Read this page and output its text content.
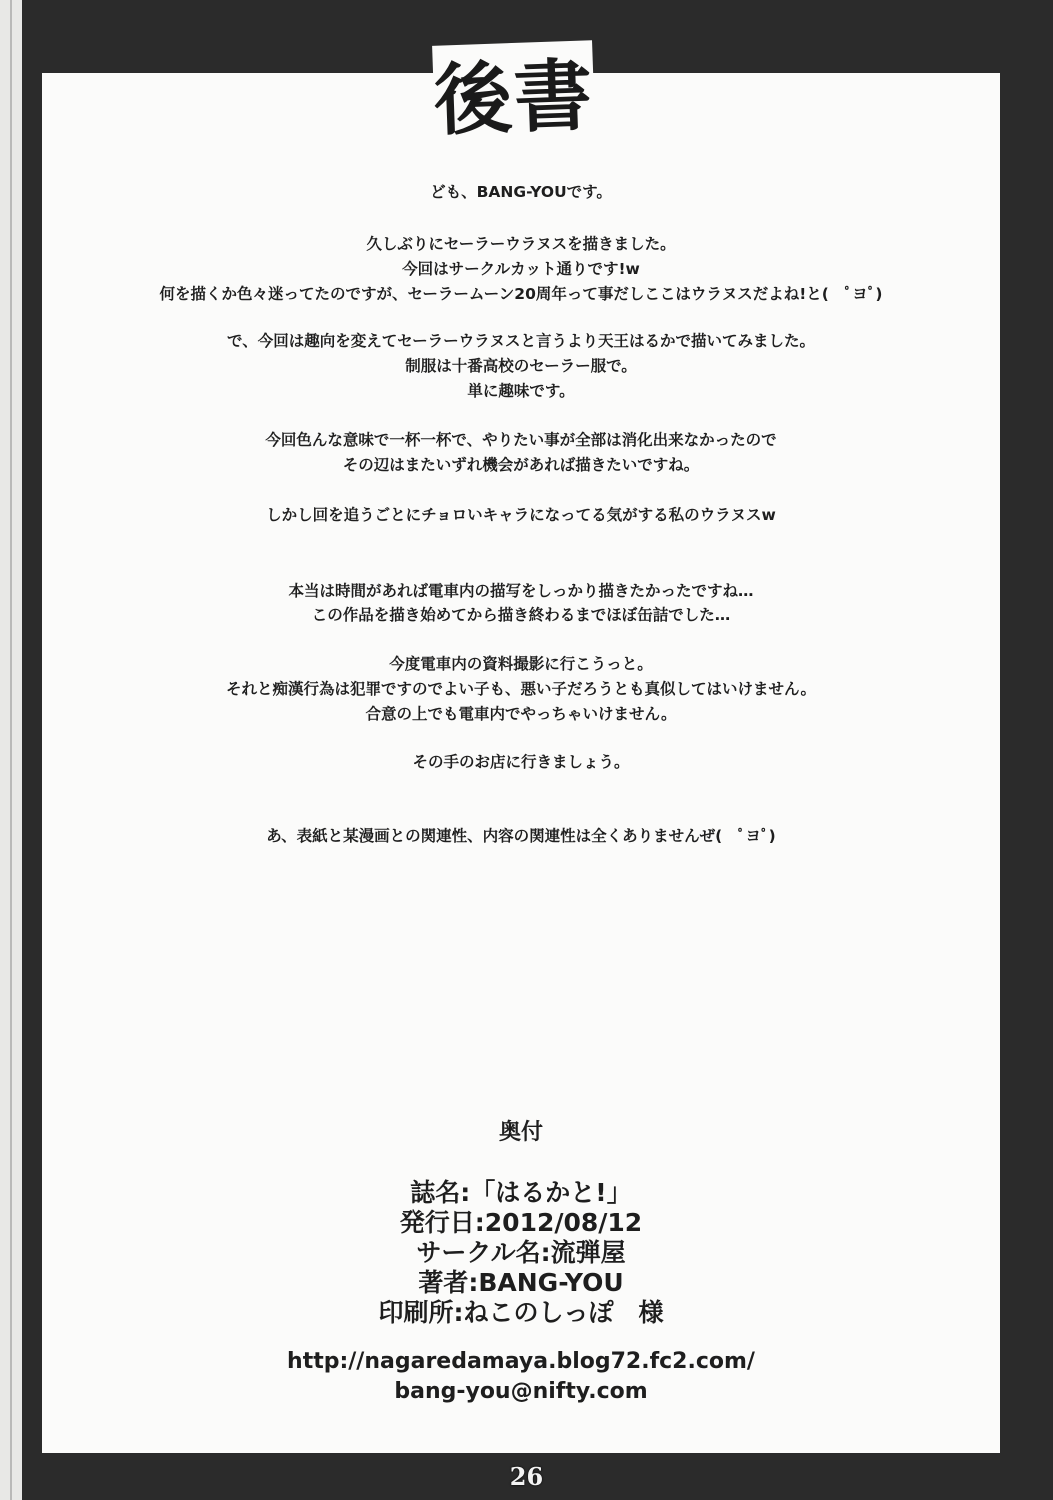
後書
ども、BANG-YOUです。
久しぶりにセーラーウラヌスを描きました。
今回はサークルカット通りです!w
何を描くか色々迷ってたのですが、セーラームーン20周年って事だしここはウラヌスだよね!と(　ﾟヨﾟ)
で、今回は趣向を変えてセーラーウラヌスと言うより天王はるかで描いてみました。
制服は十番高校のセーラー服で。
単に趣味です。
今回色んな意味で一杯一杯で、やりたい事が全部は消化出来なかったので
その辺はまたいずれ機会があれば描きたいですね。
しかし回を追うごとにチョロいキャラになってる気がする私のウラヌスw
本当は時間があれば電車内の描写をしっかり描きたかったですね…
この作品を描き始めてから描き終わるまでほぼ缶詰でした…
今度電車内の資料撮影に行こうっと。
それと痴漢行為は犯罪ですのでよい子も、悪い子だろうとも真似してはいけません。
合意の上でも電車内でやっちゃいけません。
その手のお店に行きましょう。
あ、表紙と某漫画との関連性、内容の関連性は全くありませんぜ(　ﾟヨﾟ)
奥付
誌名:「はるかと!」
発行日:2012/08/12
サークル名:流弾屋
著者:BANG-YOU
印刷所:ねこのしっぽ　様
http://nagaredamaya.blog72.fc2.com/
bang-you@nifty.com
26
